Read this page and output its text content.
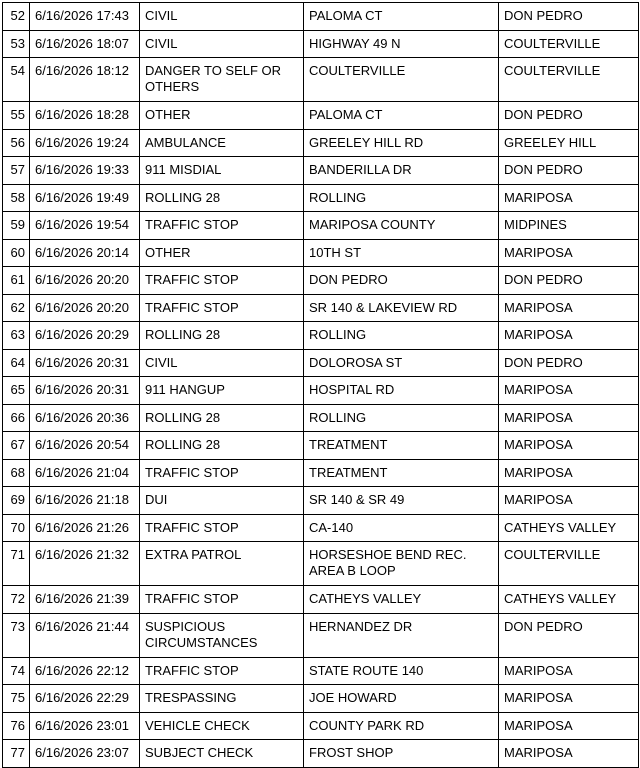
52	6/16/2026 17:43	CIVIL	PALOMA CT	DON PEDRO
53	6/16/2026 18:07	CIVIL	HIGHWAY 49 N	COULTERVILLE
54	6/16/2026 18:12	DANGER TO SELF OR OTHERS	COULTERVILLE	COULTERVILLE
55	6/16/2026 18:28	OTHER	PALOMA CT	DON PEDRO
56	6/16/2026 19:24	AMBULANCE	GREELEY HILL RD	GREELEY HILL
57	6/16/2026 19:33	911 MISDIAL	BANDERILLA DR	DON PEDRO
58	6/16/2026 19:49	ROLLING 28	ROLLING	MARIPOSA
59	6/16/2026 19:54	TRAFFIC STOP	MARIPOSA COUNTY	MIDPINES
60	6/16/2026 20:14	OTHER	10TH ST	MARIPOSA
61	6/16/2026 20:20	TRAFFIC STOP	DON PEDRO	DON PEDRO
62	6/16/2026 20:20	TRAFFIC STOP	SR 140 & LAKEVIEW RD	MARIPOSA
63	6/16/2026 20:29	ROLLING 28	ROLLING	MARIPOSA
64	6/16/2026 20:31	CIVIL	DOLOROSA ST	DON PEDRO
65	6/16/2026 20:31	911 HANGUP	HOSPITAL RD	MARIPOSA
66	6/16/2026 20:36	ROLLING 28	ROLLING	MARIPOSA
67	6/16/2026 20:54	ROLLING 28	TREATMENT	MARIPOSA
68	6/16/2026 21:04	TRAFFIC STOP	TREATMENT	MARIPOSA
69	6/16/2026 21:18	DUI	SR 140 & SR 49	MARIPOSA
70	6/16/2026 21:26	TRAFFIC STOP	CA-140	CATHEYS VALLEY
71	6/16/2026 21:32	EXTRA PATROL	HORSESHOE BEND REC. AREA B LOOP	COULTERVILLE
72	6/16/2026 21:39	TRAFFIC STOP	CATHEYS VALLEY	CATHEYS VALLEY
73	6/16/2026 21:44	SUSPICIOUS CIRCUMSTANCES	HERNANDEZ DR	DON PEDRO
74	6/16/2026 22:12	TRAFFIC STOP	STATE ROUTE 140	MARIPOSA
75	6/16/2026 22:29	TRESPASSING	JOE HOWARD	MARIPOSA
76	6/16/2026 23:01	VEHICLE CHECK	COUNTY PARK RD	MARIPOSA
77	6/16/2026 23:07	SUBJECT CHECK	FROST SHOP	MARIPOSA
